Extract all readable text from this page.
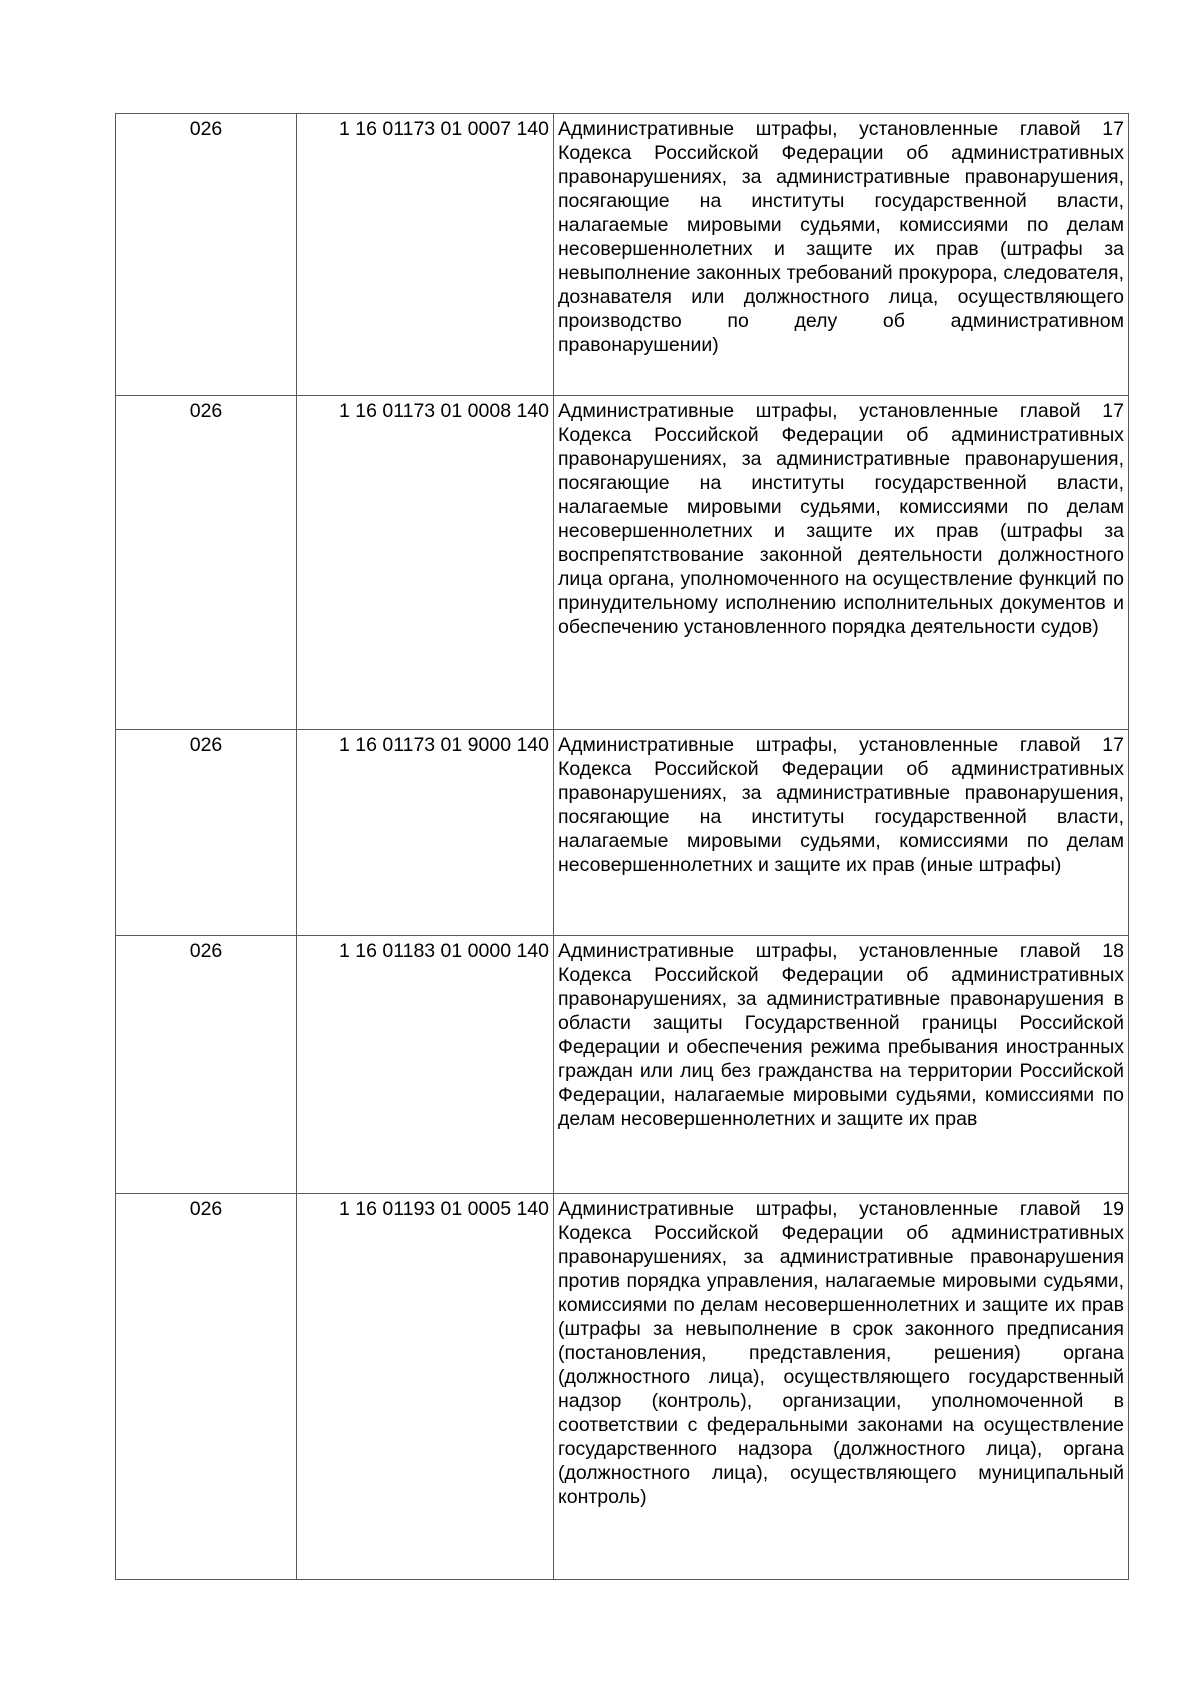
026	1 16 01173 01 0007 140	Административные штрафы, установленные главой 17 Кодекса Российской Федерации об административных правонарушениях, за административные правонарушения, посягающие на институты государственной власти, налагаемые мировыми судьями, комиссиями по делам несовершеннолетних и защите их прав (штрафы за невыполнение законных требований прокурора, следователя, дознавателя или должностного лица, осуществляющего производство по делу об административном правонарушении)
026	1 16 01173 01 0008 140	Административные штрафы, установленные главой 17 Кодекса Российской Федерации об административных правонарушениях, за административные правонарушения, посягающие на институты государственной власти, налагаемые мировыми судьями, комиссиями по делам несовершеннолетних и защите их прав (штрафы за воспрепятствование законной деятельности должностного лица органа, уполномоченного на осуществление функций по принудительному исполнению исполнительных документов и обеспечению установленного порядка деятельности судов)
026	1 16 01173 01 9000 140	Административные штрафы, установленные главой 17 Кодекса Российской Федерации об административных правонарушениях, за административные правонарушения, посягающие на институты государственной власти, налагаемые мировыми судьями, комиссиями по делам несовершеннолетних и защите их прав (иные штрафы)
026	1 16 01183 01 0000 140	Административные штрафы, установленные главой 18 Кодекса Российской Федерации об административных правонарушениях, за административные правонарушения в области защиты Государственной границы Российской Федерации и обеспечения режима пребывания иностранных граждан или лиц без гражданства на территории Российской Федерации, налагаемые мировыми судьями, комиссиями по делам несовершеннолетних и защите их прав
026	1 16 01193 01 0005 140	Административные штрафы, установленные главой 19 Кодекса Российской Федерации об административных правонарушениях, за административные правонарушения против порядка управления, налагаемые мировыми судьями, комиссиями по делам несовершеннолетних и защите их прав (штрафы за невыполнение в срок законного предписания (постановления, представления, решения) органа (должностного лица), осуществляющего государственный надзор (контроль), организации, уполномоченной в соответствии с федеральными законами на осуществление государственного надзора (должностного лица), органа (должностного лица), осуществляющего муниципальный контроль)
